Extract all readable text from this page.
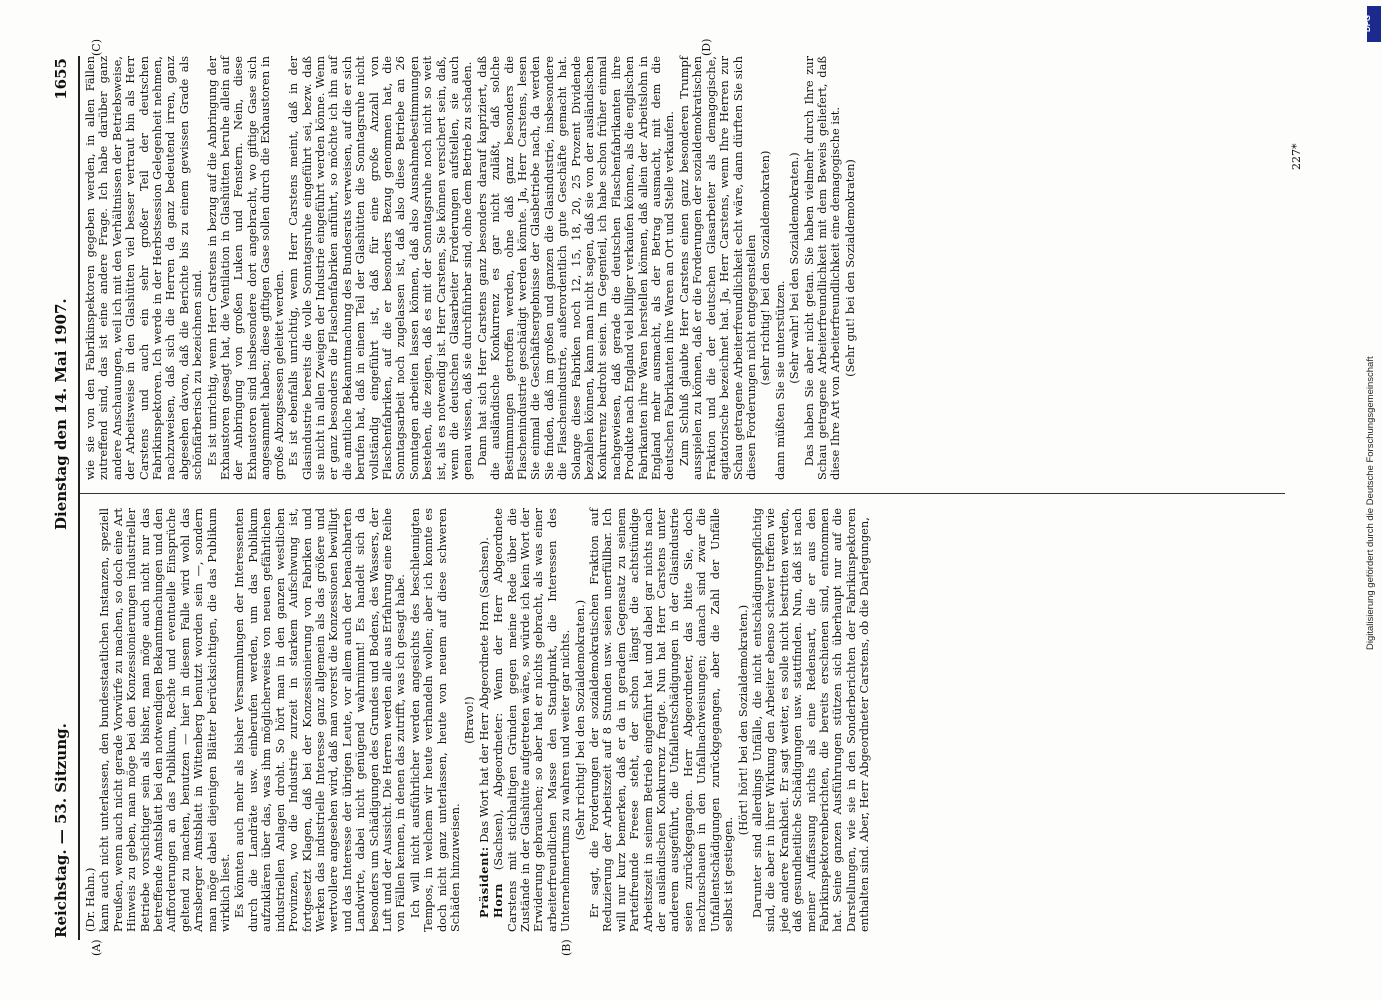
Reichstag. — 53. Sitzung.
Dienstag den 14. Mai 1907.
1655
(A)	(B)
(C)	(D)

(Dr. Hahn.) kann auch nicht unterlassen, den bundesstaatlichen Instanzen, speziell Preußen, wenn auch nicht gerade Vorwürfe zu machen, so doch eine Art Hinweis zu geben, man möge bei den Konzessionierungen industrieller Betriebe vorsichtiger sein als bisher, man möge auch nicht nur das betreffende Amtsblatt bei den notwendigen Bekanntmachungen und den Aufforderungen an das Publikum, Rechte und eventuelle Einsprüche geltend zu machen, benutzen — hier in diesem Falle wird wohl das Arnsberger Amtsblatt in Wittenberg benutzt worden sein —, sondern man möge dabei diejenigen Blätter berücksichtigen, die das Publikum wirklich liest. Es könnten auch mehr als bisher Versammlungen der Interessenten durch die Landräte usw. einberufen werden, um das Publikum aufzuklären über das, was ihm möglicherweise von neuen gefährlichen industriellen Anlagen droht. So hört man in den ganzen westlichen Provinzen, wo die Industrie zurzeit in starkem Aufschwung ist, fortgesetzt Klagen, daß bei der Konzessionierung von Fabriken und Werken das industrielle Interesse ganz allgemein als das größere und wertvollere angesehen wird, daß man vorerst die Konzessionen bewilligt und das Interesse der übrigen Leute, vor allem auch der benachbarten Landwirte, dabei nicht genügend wahrnimmt! Es handelt sich da besonders um Schädigungen des Grundes und Bodens, des Wassers, der Luft und der Aussicht. Die Herren werden alle aus Erfahrung eine Reihe von Fällen kennen, in denen das zutrifft, was ich gesagt habe. Ich will nicht ausführlicher werden angesichts des beschleunigten Tempos, in welchem wir heute verhandeln wollen; aber ich konnte es doch nicht ganz unterlassen, heute von neuem auf diese schweren Schäden hinzuweisen.

(Bravo!)

Präsident: Das Wort hat der Herr Abgeordnete Horn (Sachsen).

Horn (Sachsen), Abgeordneter: Wenn der Herr Abgeordnete Carstens mit stichhaltigen Gründen gegen meine Rede über die Zustände in der Glashütte aufgetreten wäre, so würde ich kein Wort der Erwiderung gebrauchen; so aber hat er nichts gebracht, als was einer arbeiterfreundlichen Masse den Standpunkt, die Interessen des Unternehmertums zu wahren und weiter gar nichts. (Sehr richtig! bei den Sozialdemokraten.) Er sagt, die Forderungen der sozialdemokratischen Fraktion auf Reduzierung der Arbeitszeit auf 8 Stunden usw. seien unerfüllbar. Ich will nur kurz bemerken, daß er da in geradem Gegensatz zu seinem Parteifreunde Freese steht, der schon längst die achtstündige Arbeitszeit in seinem Betrieb eingeführt hat und dabei gar nichts nach der ausländischen Konkurrenz fragte. Nun hat Herr Carstens unter anderem ausgeführt, die Unfallentschädigungen in der Glasindustrie seien zurückgegangen. Herr Abgeordneter, das bitte Sie, doch nachzuschauen in den Unfallnachweisungen; danach sind zwar die Unfallentschädigungen zurückgegangen, aber die Zahl der Unfälle selbst ist gestiegen.

(Hört! hört! bei den Sozialdemokraten.) Darunter sind allerdings Unfälle, die nicht entschädigungspflichtig sind, die aber in ihrer Wirkung den Arbeiter ebenso schwer treffen wie jede andere Krankheit. Er sagt weiter, es solle nicht bestritten werden, daß gesundheitliche Schädigungen usw. stattfinden. Nun, daß ist nach meiner Auffassung nichts als eine Redensart, die er aus den Fabrikinspektorenberichten, die bereits erschienen sind, entnommen hat. Seine ganzen Ausführungen stützen sich überhaupt nur auf die Darstellungen, wie sie in den Sonderberichten der Fabrikinspektoren enthalten sind. Aber, Herr Abgeordneter Carstens, ob die Darlegungen,

wie sie von den Fabrikinspektoren gegeben werden, in allen Fällen zutreffend sind, das ist eine andere Frage. Ich habe darüber ganz andere Anschauungen, weil ich mit den Verhältnissen der Betriebsweise, der Arbeitsweise in den Glashütten viel besser vertraut bin als Herr Carstens und auch ein sehr großer Teil der deutschen Fabrikinspektoren. Ich werde in der Herbstsession Gelegenheit nehmen, nachzuweisen, daß sich die Herren da ganz bedeutend irren, ganz abgesehen davon, daß die Berichte bis zu einem gewissen Grade als schönfärberisch zu bezeichnen sind. Es ist unrichtig, wenn Herr Carstens in bezug auf die Anbringung der Exhaustoren gesagt hat, die Ventilation in Glashütten beruhe allein auf der Anbringung von großen Luken und Fenstern. Nein, diese Exhaustoren sind insbesondere dort angebracht, wo giftige Gase sich angesammelt haben; diese giftigen Gase sollen durch die Exhaustoren in große Abzugsessen geleitet werden. Es ist ebenfalls unrichtig, wenn Herr Carstens meint, daß in der Glasindustrie bereits die volle Sonntagsruhe eingeführt sei, bezw. daß sie nicht in allen Zweigen der Industrie eingeführt werden könne. Wenn er ganz besonders die Flaschenfabriken anführt, so möchte ich ihn auf die amtliche Bekanntmachung des Bundesrats verweisen, auf die er sich berufen hat, daß in einem Teil der Glashütten die Sonntagsruhe nicht vollständig eingeführt ist, daß für eine große Anzahl von Flaschenfabriken, auf die er besonders Bezug genommen hat, die Sonntagsarbeit noch zugelassen ist, daß also diese Betriebe an 26 Sonntagen arbeiten lassen können, daß also Ausnahmebestimmungen bestehen, die zeigen, daß es mit der Sonntagsruhe noch nicht so weit ist, als es notwendig ist. Herr Carstens, Sie können versichert sein, daß, wenn die deutschen Glasarbeiter Forderungen aufstellen, sie auch genau wissen, daß sie durchführbar sind, ohne dem Betrieb zu schaden. Dann hat sich Herr Carstens ganz besonders darauf kapriziert, daß die ausländische Konkurrenz es gar nicht zuläßt, daß solche Bestimmungen getroffen werden, ohne daß ganz besonders die Flaschenindustrie geschädigt werden könnte. Ja, Herr Carstens, lesen Sie einmal die Geschäftsergebnisse der Glasbetriebe nach, da werden Sie finden, daß im großen und ganzen die Glasindustrie, insbesondere die Flaschenindustrie, außerordentlich gute Geschäfte gemacht hat. Solange diese Fabriken noch 12, 15, 18, 20, 25 Prozent Dividende bezahlen können, kann man nicht sagen, daß sie von der ausländischen Konkurrenz bedroht seien. Im Gegenteil, ich habe schon früher einmal nachgewiesen, daß gerade die deutschen Flaschenfabrikanten ihre Produkte nach England viel billiger verkaufen können, als die englischen Fabrikanten ihre Waren herstellen können, daß allein der Arbeitslohn in England mehr ausmacht, als der Betrag ausmacht, mit dem die deutschen Fabrikanten ihre Waren an Ort und Stelle verkaufen. Zum Schluß glaubte Herr Carstens einen ganz besonderen Trumpf ausspielen zu können, daß er die Forderungen der sozialdemokratischen Fraktion und die der deutschen Glasarbeiter als demagogische, agitatorische bezeichnet hat. Ja, Herr Carstens, wenn Ihre Herren zur Schau getragene Arbeiterfreundlichkeit echt wäre, dann dürften Sie sich diesen Forderungen nicht entgegenstellen (sehr richtig! bei den Sozialdemokraten) dann müßten Sie sie unterstützen. (Sehr wahr! bei den Sozialdemokraten.) Das haben Sie aber nicht getan. Sie haben vielmehr durch Ihre zur Schau getragene Arbeiterfreundlichkeit mit dem Beweis geliefert, daß diese Ihre Art von Arbeiterfreundlichkeit eine demagogische ist. (Sehr gut! bei den Sozialdemokraten)

227*
DFG
Digitalisierung gefördert durch die Deutsche Forschungsgemeinschaft
